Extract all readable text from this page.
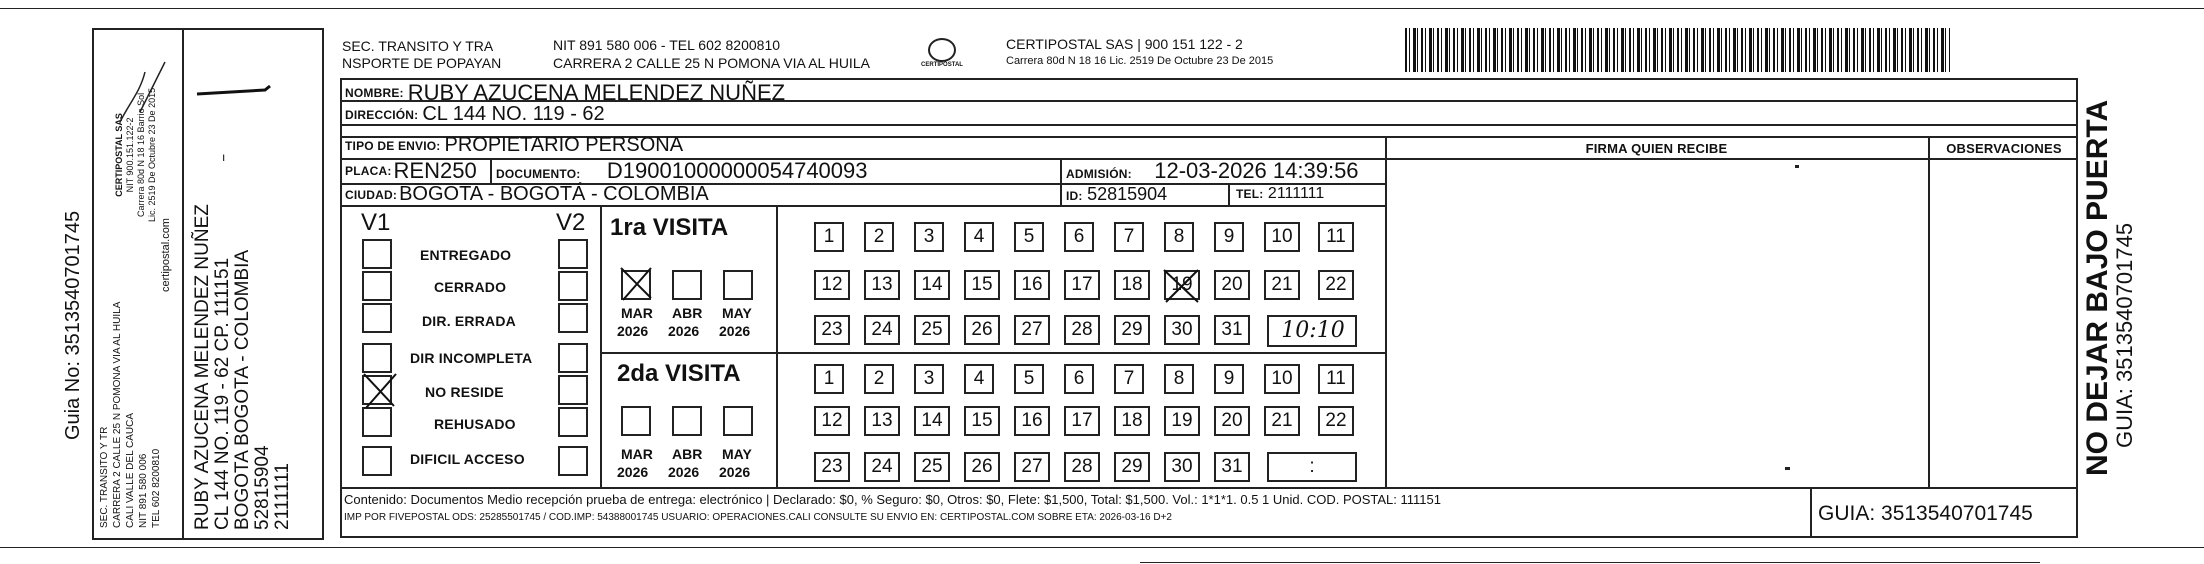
Guia No: 3513540701745
SEC. TRANSITO Y TR CARRERA 2 CALLE 25 N POMONA VIA AL HUILA CALI VALLE DEL CAUCA NIT 891 580 006 TEL 602 8200810
CERTIPOSTAL SAS NIT 900.151.122-2 Carrera 80d N 18 16 Barrio Sol Lic. 2519 De Octubre 23 De 2015
certipostal.com RUBY AZUCENA MELENDEZ NUÑEZ CL 144 NO. 119 - 62 CP. 111151 BOGOTA BOGOTA - COLOMBIA 52815904 2111111
ı
SEC. TRANSITO Y TRA
NSPORTE DE POPAYAN
NIT 891 580 006 - TEL 602 8200810
CARRERA 2 CALLE 25 N POMONA VIA AL HUILA	CERTIPOSTAL
CERTIPOSTAL SAS | 900 151 122 - 2
Carrera 80d N 18 16 Lic. 2519 De Octubre 23 De 2015
NOMBRE: RUBY AZUCENA MELENDEZ NUÑEZ
DIRECCIÓN: CL 144 NO. 119 - 62
TIPO DE ENVIO: PROPIETARIO PERSONA	FIRMA QUIEN RECIBE	OBSERVACIONES
PLACA: REN250 DOCUMENTO: D19001000000054740093	ADMISIÓN: 12-03-2026 14:39:56
CIUDAD: BOGOTA - BOGOTÁ - COLOMBIA	ID: 52815904	TEL: 2111111
V1	V2
ENTREGADO
CERRADO
DIR. ERRADA
DIR INCOMPLETA
NO RESIDE
REHUSADO
DIFICIL ACCESO
1ra VISITA
MAR ABR MAY
2026 2026 2026
1	2	3	4	5	6	7	8	9	10	11
12	13	14	15	16	17	18	19	20	21	22
23	24	25	26	27	28	29	30	31	10:10
2da VISITA
MAR ABR MAY
2026 2026 2026
1	2	3	4	5	6	7	8	9	10	11
12	13	14	15	16	17	18	19	20	21	22
23	24	25	26	27	28	29	30	31	:
Contenido: Documentos Medio recepción prueba de entrega: electrónico | Declarado: $0, % Seguro: $0, Otros: $0, Flete: $1,500, Total: $1,500. Vol.: 1*1*1. 0.5 1 Unid. COD. POSTAL: 111151
IMP POR FIVEPOSTAL ODS: 25285501745 / COD.IMP: 54388001745 USUARIO: OPERACIONES.CALI CONSULTE SU ENVIO EN: CERTIPOSTAL.COM SOBRE ETA: 2026-03-16 D+2	GUIA: 3513540701745
NO DEJAR BAJO PUERTA
GUIA: 3513540701745
